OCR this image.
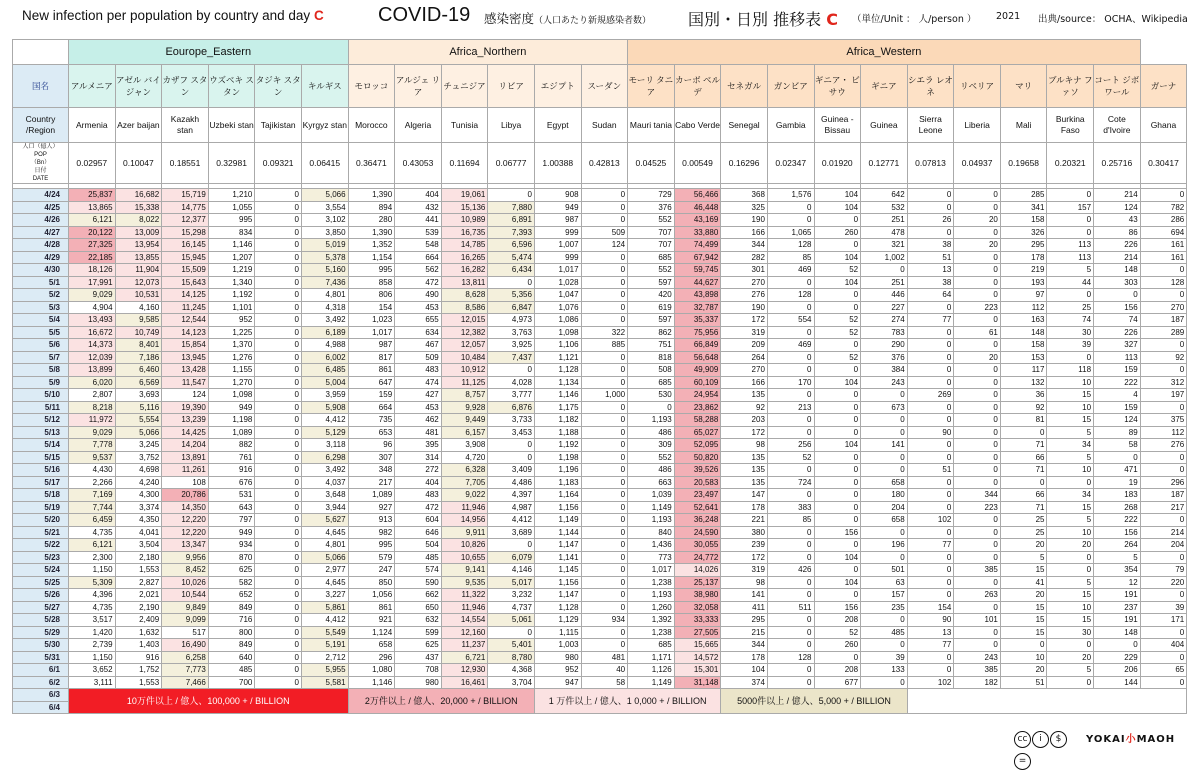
New infection per population by country and day C	COVID-19 感染密度（人口あたり新規感染者数） 国別・日別 推移表 C （単位/Unit ： 人/person ） 2021 出典/source： OCHA、Wikipedia
	Eourope_Eastern						Africa_Northern						Africa_Western											
国名	アルメニア	アゼル バイジャン	カザフ スタン	ウズベキ スタン	タジキ スタン	キルギス	モロッコ	アルジェ リア	チュニジア	リビア	エジプト	スーダン	モーリ タニア	カーボ ベルデ	セネガル	ガンビア	ギニア・ ビサウ	ギニア	シエラ レオネ	リベリア	マリ	ブルキナ ファソ	コート ジボワール	ガーナ
Country /Region	Armenia	Azer baijan	Kazakh stan	Uzbeki stan	Tajikistan	Kyrgyz stan	Morocco	Algeria	Tunisia	Libya	Egypt	Sudan	Mauri tania	Cabo Verde	Senegal	Gambia	Guinea -Bissau	Guinea	Sierra Leone	Liberia	Mali	Burkina Faso	Cote d'Ivoire	Ghana

人口（億人）
POP
（Bn）
日付
DATE	0.02957	0.10047	0.18551	0.32981	0.09321	0.06415	0.36471	0.43053	0.11694	0.06777	1.00388	0.42813	0.04525	0.00549	0.16296	0.02347	0.01920	0.12771	0.07813	0.04937	0.19658	0.20321	0.25716	0.30417

4/24	25,837	16,682	15,719	1,210	0	5,066	1,390	404	19,061	0	908	0	729	56,466	368	1,576	104	642	0	0	285	0	214	0
4/25	13,865	15,338	14,775	1,055	0	3,554	894	432	15,136	7,880	949	0	376	46,448	325	0	104	532	0	0	341	157	124	782
4/26	6,121	8,022	12,377	995	0	3,102	280	441	10,989	6,891	987	0	552	43,169	190	0	0	251	26	20	158	0	43	286
4/27	20,122	13,009	15,298	834	0	3,850	1,390	539	16,735	7,393	999	509	707	33,880	166	1,065	260	478	0	0	326	0	86	694
4/28	27,325	13,954	16,145	1,146	0	5,019	1,352	548	14,785	6,596	1,007	124	707	74,499	344	128	0	321	38	20	295	113	226	161
4/29	22,185	13,855	15,945	1,207	0	5,378	1,154	664	16,265	5,474	999	0	685	67,942	282	85	104	1,002	51	0	178	113	214	161
4/30	18,126	11,904	15,509	1,219	0	5,160	995	562	16,282	6,434	1,017	0	552	59,745	301	469	52	0	13	0	219	5	148	0
5/1	17,991	12,073	15,643	1,340	0	7,436	858	472	13,811	0	1,028	0	597	44,627	270	0	104	251	38	0	193	44	303	128
5/2	9,029	10,531	14,125	1,192	0	4,801	806	490	8,628	5,356	1,047	0	420	43,898	276	128	0	446	64	0	97	0	0	0
5/3	4,904	4,160	11,245	1,101	0	4,318	154	453	8,586	6,847	1,076	0	619	32,787	190	0	0	227	0	223	112	25	156	270
5/4	13,493	9,585	12,544	952	0	3,492	1,023	655	12,015	4,973	1,086	0	597	35,337	172	554	52	274	77	0	163	74	74	187
5/5	16,672	10,749	14,123	1,225	0	6,189	1,017	634	12,382	3,763	1,098	322	862	75,956	319	0	52	783	0	61	148	30	226	289
5/6	14,373	8,401	15,854	1,370	0	4,988	987	467	12,057	3,925	1,106	885	751	66,849	209	469	0	290	0	0	158	39	327	0
5/7	12,039	7,186	13,945	1,276	0	6,002	817	509	10,484	7,437	1,121	0	818	56,648	264	0	52	376	0	20	153	0	113	92
5/8	13,899	6,460	13,428	1,155	0	6,485	861	483	10,912	0	1,128	0	508	49,909	270	0	0	384	0	0	117	118	159	0
5/9	6,020	6,569	11,547	1,270	0	5,004	647	474	11,125	4,028	1,134	0	685	60,109	166	170	104	243	0	0	132	10	222	312
5/10	2,807	3,693	124	1,098	0	3,959	159	427	8,757	3,777	1,146	1,000	530	24,954	135	0	0	0	269	0	36	15	4	197
5/11	8,218	5,116	19,390	949	0	5,908	664	453	9,928	6,876	1,175	0	0	23,862	92	213	0	673	0	0	92	10	159	0
5/12	11,972	5,554	13,239	1,198	0	4,412	735	462	9,449	3,733	1,182	0	1,193	58,288	203	0	0	0	0	0	81	15	124	375
5/13	9,029	5,066	14,425	1,089	0	5,129	653	481	6,157	3,453	1,188	0	486	65,027	172	0	0	0	90	0	0	5	89	112
5/14	7,778	3,245	14,204	882	0	3,118	96	395	3,908	0	1,192	0	309	52,095	98	256	104	141	0	0	71	34	58	276
5/15	9,537	3,752	13,891	761	0	6,298	307	314	4,720	0	1,198	0	552	50,820	135	52	0	0	0	0	66	5	0	0
5/16	4,430	4,698	11,261	916	0	3,492	348	272	6,328	3,409	1,196	0	486	39,526	135	0	0	0	51	0	71	10	471	0
5/17	2,266	4,240	108	676	0	4,037	217	404	7,705	4,486	1,183	0	663	20,583	135	724	0	658	0	0	0	0	19	296
5/18	7,169	4,300	20,786	531	0	3,648	1,089	483	9,022	4,397	1,164	0	1,039	23,497	147	0	0	180	0	344	66	34	183	187
5/19	7,744	3,374	14,350	643	0	3,944	927	472	11,946	4,987	1,156	0	1,149	52,641	178	383	0	204	0	223	71	15	268	217
5/20	6,459	4,350	12,220	797	0	5,627	913	604	14,956	4,412	1,149	0	1,193	36,248	221	85	0	658	102	0	25	5	222	0
5/21	4,735	4,041	12,220	949	0	4,645	982	646	9,911	3,689	1,144	0	840	24,590	380	0	156	0	0	0	25	10	156	214
5/22	6,121	3,504	13,347	934	0	4,801	995	504	10,826	0	1,147	0	1,436	30,055	239	0	0	196	77	0	20	20	264	204
5/23	2,300	2,180	9,956	870	0	5,066	579	485	10,655	6,079	1,141	0	773	24,772	172	0	104	0	0	0	5	0	5	0
5/24	1,150	1,553	8,452	625	0	2,977	247	574	9,141	4,146	1,145	0	1,017	14,026	319	426	0	501	0	385	15	0	354	79
5/25	5,309	2,827	10,026	582	0	4,645	850	590	9,535	5,017	1,156	0	1,238	25,137	98	0	104	63	0	0	41	5	12	220
5/26	4,396	2,021	10,544	652	0	3,227	1,056	662	11,322	3,232	1,147	0	1,193	38,980	141	0	0	157	0	263	20	15	191	0
5/27	4,735	2,190	9,849	849	0	5,861	861	650	11,946	4,737	1,128	0	1,260	32,058	411	511	156	235	154	0	15	10	237	39
5/28	3,517	2,409	9,099	716	0	4,412	921	632	14,554	5,061	1,129	934	1,392	33,333	295	0	208	0	90	101	15	15	191	171
5/29	1,420	1,632	517	800	0	5,549	1,124	599	12,160	0	1,115	0	1,238	27,505	215	0	52	485	13	0	15	30	148	0
5/30	2,739	1,403	16,490	849	0	5,191	658	625	11,237	5,401	1,003	0	685	15,665	344	0	260	0	77	0	0	0	0	404
5/31	1,150	916	6,258	640	0	2,712	296	437	6,721	8,780	980	481	1,171	14,572	178	128	0	39	0	243	10	20	229	0
6/1	3,652	1,752	7,773	485	0	5,955	1,080	708	12,930	4,368	952	40	1,126	15,301	104	0	208	133	0	385	20	5	206	65
6/2	3,111	1,553	7,466	700	0	5,581	1,146	980	16,461	3,704	947	58	1,149	31,148	374	0	677	0	102	182	51	0	144	0
6/3	10万件以上 / 億人、100,000 + / BILLION						2万件以上 / 億人、20,000 + / BILLION				1 万件以上 / 億人、1 0,000 + / BILLION				5000件以上 / 億人、5,000 + / BILLION									
6/4																								
cc i $=
YOKAI小MAOH
